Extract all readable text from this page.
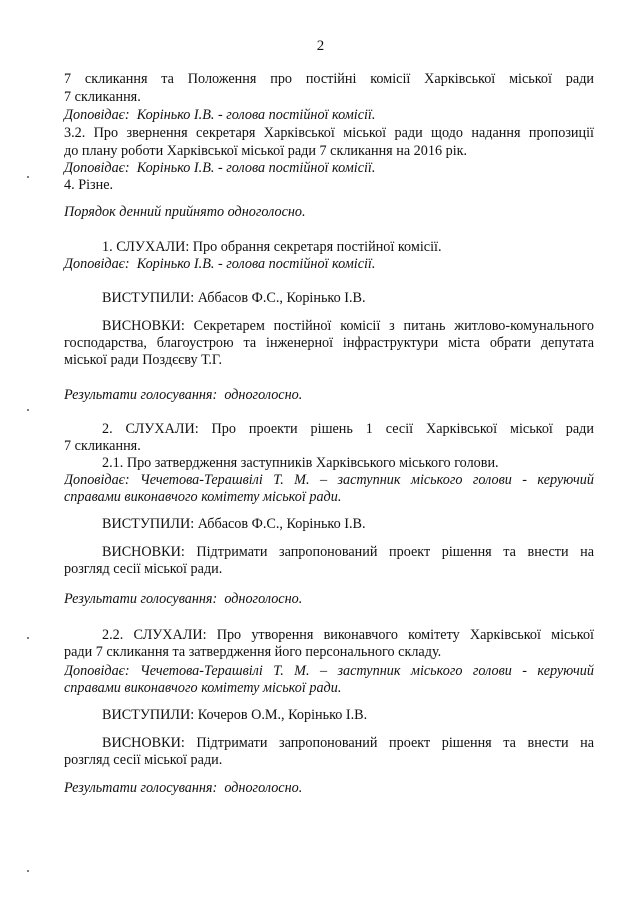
2
7 скликання та Положення про постійні комісії Харківської міської ради
7 скликання.
Доповідає: Корінько І.В. - голова постійної комісії.
3.2. Про звернення секретаря Харківської міської ради щодо надання пропозиції
до плану роботи Харківської міської ради 7 скликання на 2016 рік.
Доповідає: Корінько І.В. - голова постійної комісії.
4. Різне.
Порядок денний прийнято одноголосно.
1. СЛУХАЛИ: Про обрання секретаря постійної комісії.
Доповідає: Корінько І.В. - голова постійної комісії.
ВИСТУПИЛИ: Аббасов Ф.С., Корінько І.В.
ВИСНОВКИ: Секретарем постійної комісії з питань житлово-комунального
господарства, благоустрою та інженерної інфраструктури міста обрати депутата
міської ради Поздєєву Т.Г.
Результати голосування: одноголосно.
2. СЛУХАЛИ: Про проекти рішень 1 сесії Харківської міської ради
7 скликання.
2.1. Про затвердження заступників Харківського міського голови.
Доповідає: Чечетова-Терашвілі Т. М. – заступник міського голови - керуючий
справами виконавчого комітету міської ради.
ВИСТУПИЛИ: Аббасов Ф.С., Корінько І.В.
ВИСНОВКИ: Підтримати запропонований проект рішення та внести на
розгляд сесії міської ради.
Результати голосування: одноголосно.
2.2. СЛУХАЛИ: Про утворення виконавчого комітету Харківської міської
ради 7 скликання та затвердження його персонального складу.
Доповідає: Чечетова-Терашвілі Т. М. – заступник міського голови - керуючий
справами виконавчого комітету міської ради.
ВИСТУПИЛИ: Кочеров О.М., Корінько І.В.
ВИСНОВКИ: Підтримати запропонований проект рішення та внести на
розгляд сесії міської ради.
Результати голосування: одноголосно.
